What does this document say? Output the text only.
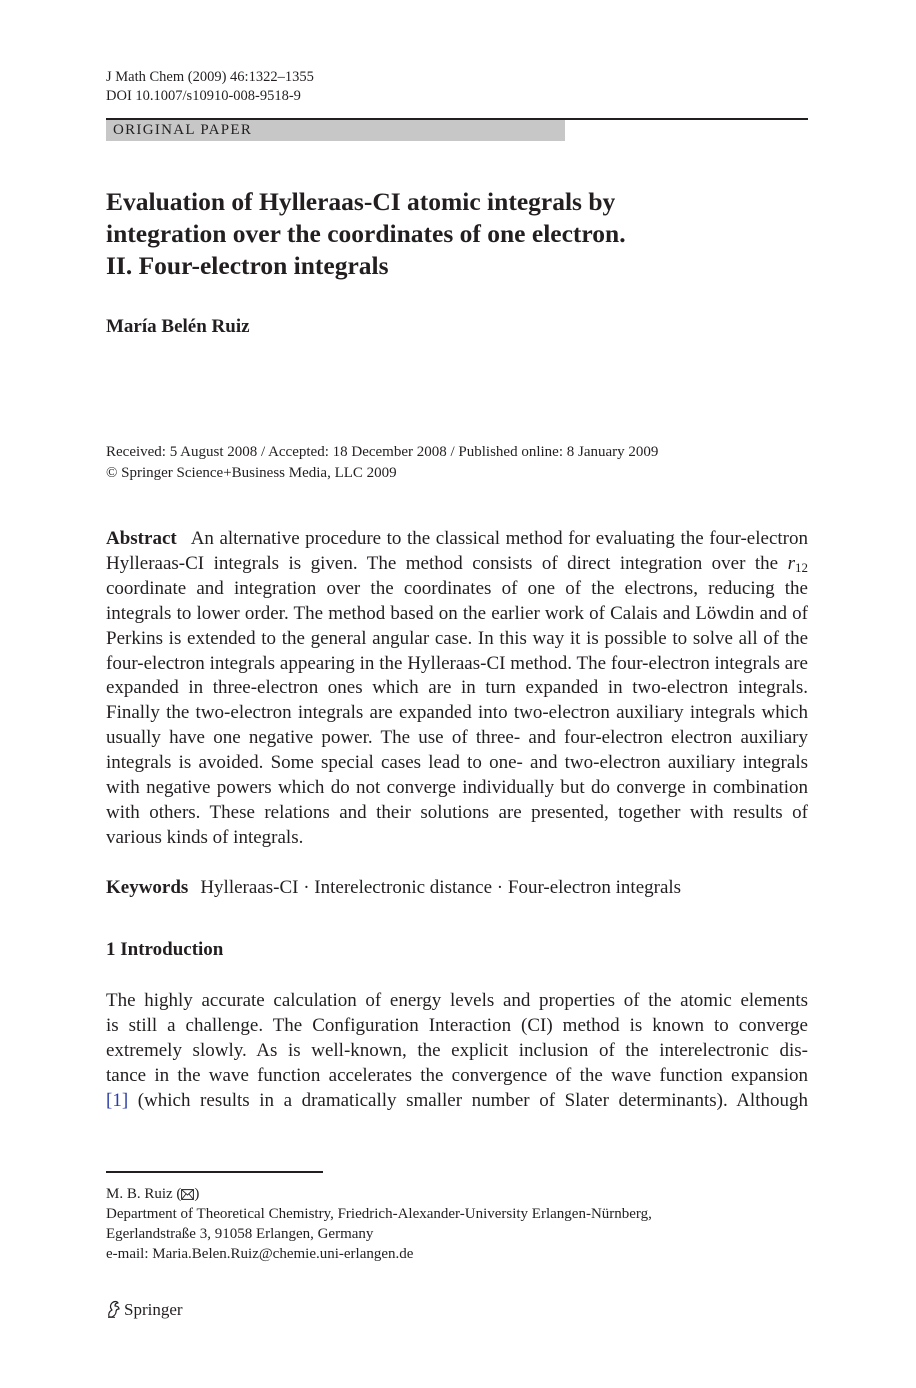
J Math Chem (2009) 46:1322–1355
DOI 10.1007/s10910-008-9518-9
ORIGINAL PAPER
Evaluation of Hylleraas-CI atomic integrals by
integration over the coordinates of one electron.
II. Four-electron integrals
María Belén Ruiz
Received: 5 August 2008 / Accepted: 18 December 2008 / Published online: 8 January 2009
© Springer Science+Business Media, LLC 2009

Abstract An alternative procedure to the classical method for evaluating the four-electron Hylleraas-CI integrals is given. The method consists of direct integration over the $r_{12}$ coordinate and integration over the coordinates of one of the electrons, reducing the integrals to lower order. The method based on the earlier work of Calais and Löwdin and of Perkins is extended to the general angular case. In this way it is possible to solve all of the four-electron integrals appearing in the Hylleraas-CI method. The four-electron integrals are expanded in three-electron ones which are in turn expanded in two-electron integrals. Finally the two-electron integrals are expanded into two-electron auxiliary integrals which usually have one negative power. The use of three- and four-electron electron auxiliary integrals is avoided. Some special cases lead to one- and two-electron auxiliary integrals with negative powers which do not converge individually but do converge in combination with others. These relations and their solutions are presented, together with results of various kinds of integrals.

Keywords Hylleraas-CI · Interelectronic distance · Four-electron integrals
1 Introduction

The highly accurate calculation of energy levels and properties of the atomic elements
is still a challenge. The Configuration Interaction (CI) method is known to converge
extremely slowly. As is well-known, the explicit inclusion of the interelectronic dis-
tance in the wave function accelerates the convergence of the wave function expansion
[1] (which results in a dramatically smaller number of Slater determinants). Although

M. B. Ruiz ( )
Department of Theoretical Chemistry, Friedrich-Alexander-University Erlangen-Nürnberg,
Egerlandstraße 3, 91058 Erlangen, Germany
e-mail: Maria.Belen.Ruiz@chemie.uni-erlangen.de
Springer
